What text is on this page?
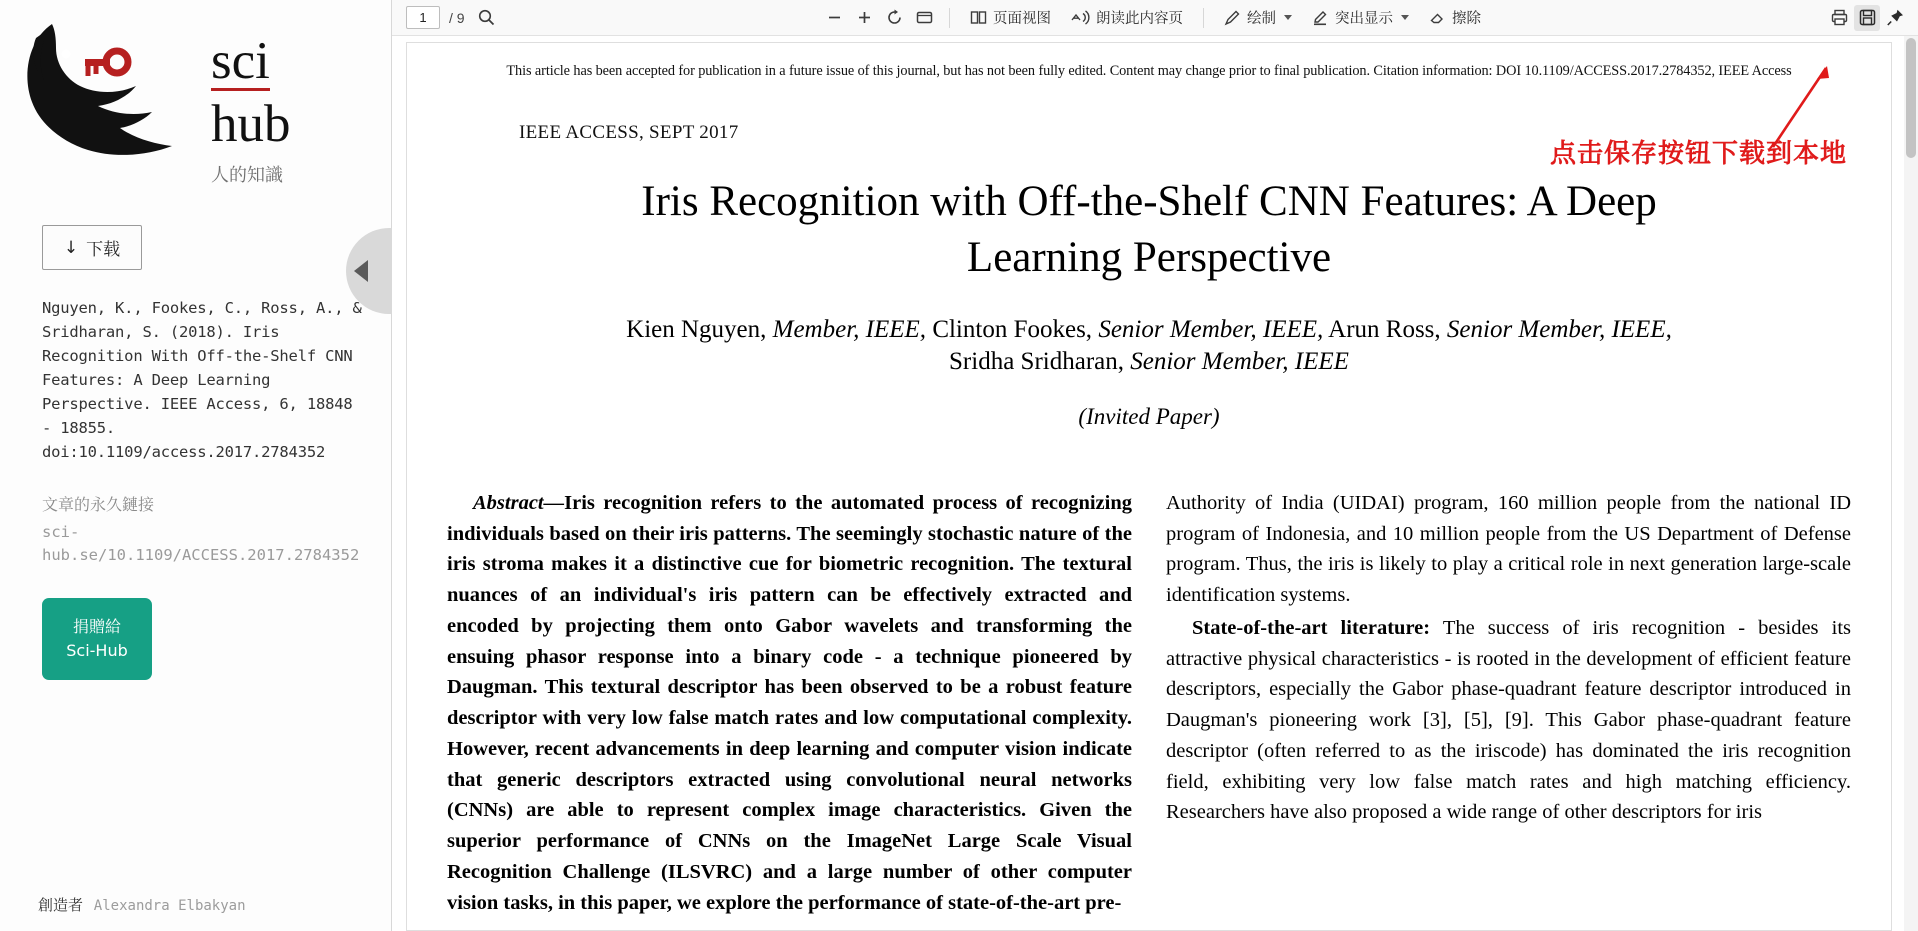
sci
hub
人的知識
↓ 下载
Nguyen, K., Fookes, C., Ross, A., & Sridharan, S. (2018). Iris Recognition With Off-the-Shelf CNN Features: A Deep Learning Perspective. IEEE Access, 6, 18848 - 18855. doi:10.1109/access.2017.2784352
文章的永久鏈接
sci-hub.se/10.1109/ACCESS.2017.2784352
捐贈給
Sci-Hub
創造者 Alexandra Elbakyan
1
/ 9	页面视图	朗读此内容页	绘制	突出显示	擦除
This article has been accepted for publication in a future issue of this journal, but has not been fully edited. Content may change prior to final publication. Citation information: DOI 10.1109/ACCESS.2017.2784352, IEEE Access
IEEE ACCESS, SEPT 2017
点击保存按钮下载到本地
Iris Recognition with Off-the-Shelf CNN Features: A Deep Learning Perspective
Kien Nguyen, Member, IEEE, Clinton Fookes, Senior Member, IEEE, Arun Ross, Senior Member, IEEE,
Sridha Sridharan, Senior Member, IEEE
(Invited Paper)

Abstract—Iris recognition refers to the automated process of recognizing individuals based on their iris patterns. The seemingly stochastic nature of the iris stroma makes it a distinctive cue for biometric recognition. The textural nuances of an individual's iris pattern can be effectively extracted and encoded by projecting them onto Gabor wavelets and transforming the ensuing phasor response into a binary code - a technique pioneered by Daugman. This textural descriptor has been observed to be a robust feature descriptor with very low false match rates and low computational complexity. However, recent advancements in deep learning and computer vision indicate that generic descriptors extracted using convolutional neural networks (CNNs) are able to represent complex image characteristics. Given the superior performance of CNNs on the ImageNet Large Scale Visual Recognition Challenge (ILSVRC) and a large number of other computer vision tasks, in this paper, we explore the performance of state-of-the-art pre-

Authority of India (UIDAI) program, 160 million people from the national ID program of Indonesia, and 10 million people from the US Department of Defense program. Thus, the iris is likely to play a critical role in next generation large-scale identification systems.

State-of-the-art literature: The success of iris recognition - besides its attractive physical characteristics - is rooted in the development of efficient feature descriptors, especially the Gabor phase-quadrant feature descriptor introduced in Daugman's pioneering work [3], [5], [9]. This Gabor phase-quadrant feature descriptor (often referred to as the iriscode) has dominated the iris recognition field, exhibiting very low false match rates and high matching efficiency. Researchers have also proposed a wide range of other descriptors for iris
